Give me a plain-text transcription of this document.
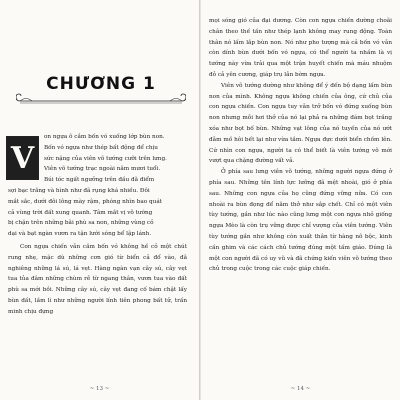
CHƯƠNG 1
V

on ngựa ô cắm bốn vó xuống lớp bùn non.

Bốn vó ngựa như thép bất động để chịu

sức nặng của viên võ tướng cưỡi trên lưng.

Viên võ tướng trạc ngoài năm mươi tuổi.

Búi tóc ngất ngưởng trên đầu đã điểm

sợi bạc trắng và hình như đã rụng khá nhiều. Đôi

mắt sắc, dưới đôi lông mày rậm, phóng nhìn bao quát

cả vùng trời đất xung quanh. Tâm mắt vị võ tướng

bị chặn trên những bãi phù sa non, những vùng cỏ

dại và bạt ngàn vươn ra tận lưới sóng bể lập lánh.

Con ngựa chiến vẫn cắm bốn vó không hề cỏ một chút rung nhẹ, mặc dù những cơn gió từ biển cả đổ vào, đã nghiêng những lá sú, lá vẹt. Hàng ngàn vạn cây sú, cây vẹt tua tủa đâm những chùm rễ từ ngang thân, vươn tua vào đất phù sa mới bồi. Những cây sú, cây vẹt đang cố bám chặt lấy bùn đất, lầm lì như những người lính tiên phong bất tử, trấn minh chịu đựng

~ 13 ~

mọi sóng gió của đại dương. Còn con ngựa chiến dường choãi chân theo thế tấn như thép lạnh không may rung động. Toàn thân nó lấm lắp bùn non. Nó như pho tượng mà cả bốn vó vẫn còn dính bùn dưới bốn vó ngựa, có thể người ta nhầm là vị tướng này vừa trải qua một trận huyết chiến mà máu nhuộm đỏ cả yên cương, giáp trụ lẫn bờm ngựa.

Viên võ tướng dường như không để ý đến bộ dạng lấm bùn non của mình. Không ngựa không chiến của ông, cứ chủ của con ngựa chiến. Con ngựa tuy vẫn trở bốn vó đứng xuống bùn non nhưng mỗi hơi thở của nó lại phả ra những đám bọt trắng xóa như bọt bố bùn. Những vạt lông của nó tuyến của nó ướt đẫm mồ hôi bết lại như vừa tắm. Ngựa đực dưới biển chồm lên. Cứ nhìn con ngựa, người ta có thể biết là viên tướng võ mới vượt qua chặng đường vất vả.

Ở phía sau lưng viên võ tướng, những người ngựa đứng ở phía sau. Những tên lính lực lưỡng đã mệt nhoài, gió ở phía sau. Những con ngựa của họ cũng đứng vững nữa. Có con nhoài ra bùn đọng để năm thở như sắp chết. Chỉ có một viên tùy tướng, gần như lúc nào cũng lưng một con ngựa nhỏ giống ngựa Mèo là còn trụ vững được chỉ vượng của viên tướng. Viên tùy tướng gần như không còn xuất thân từ hàng nô bộc, kinh cần ghim và các cách chủ tướng đúng một tấm giáo. Đúng là một con người đã có uy vũ và đã chứng kiến viên võ tướng theo chủ trong cuộc trong các cuộc giáp chiến.

~ 14 ~
